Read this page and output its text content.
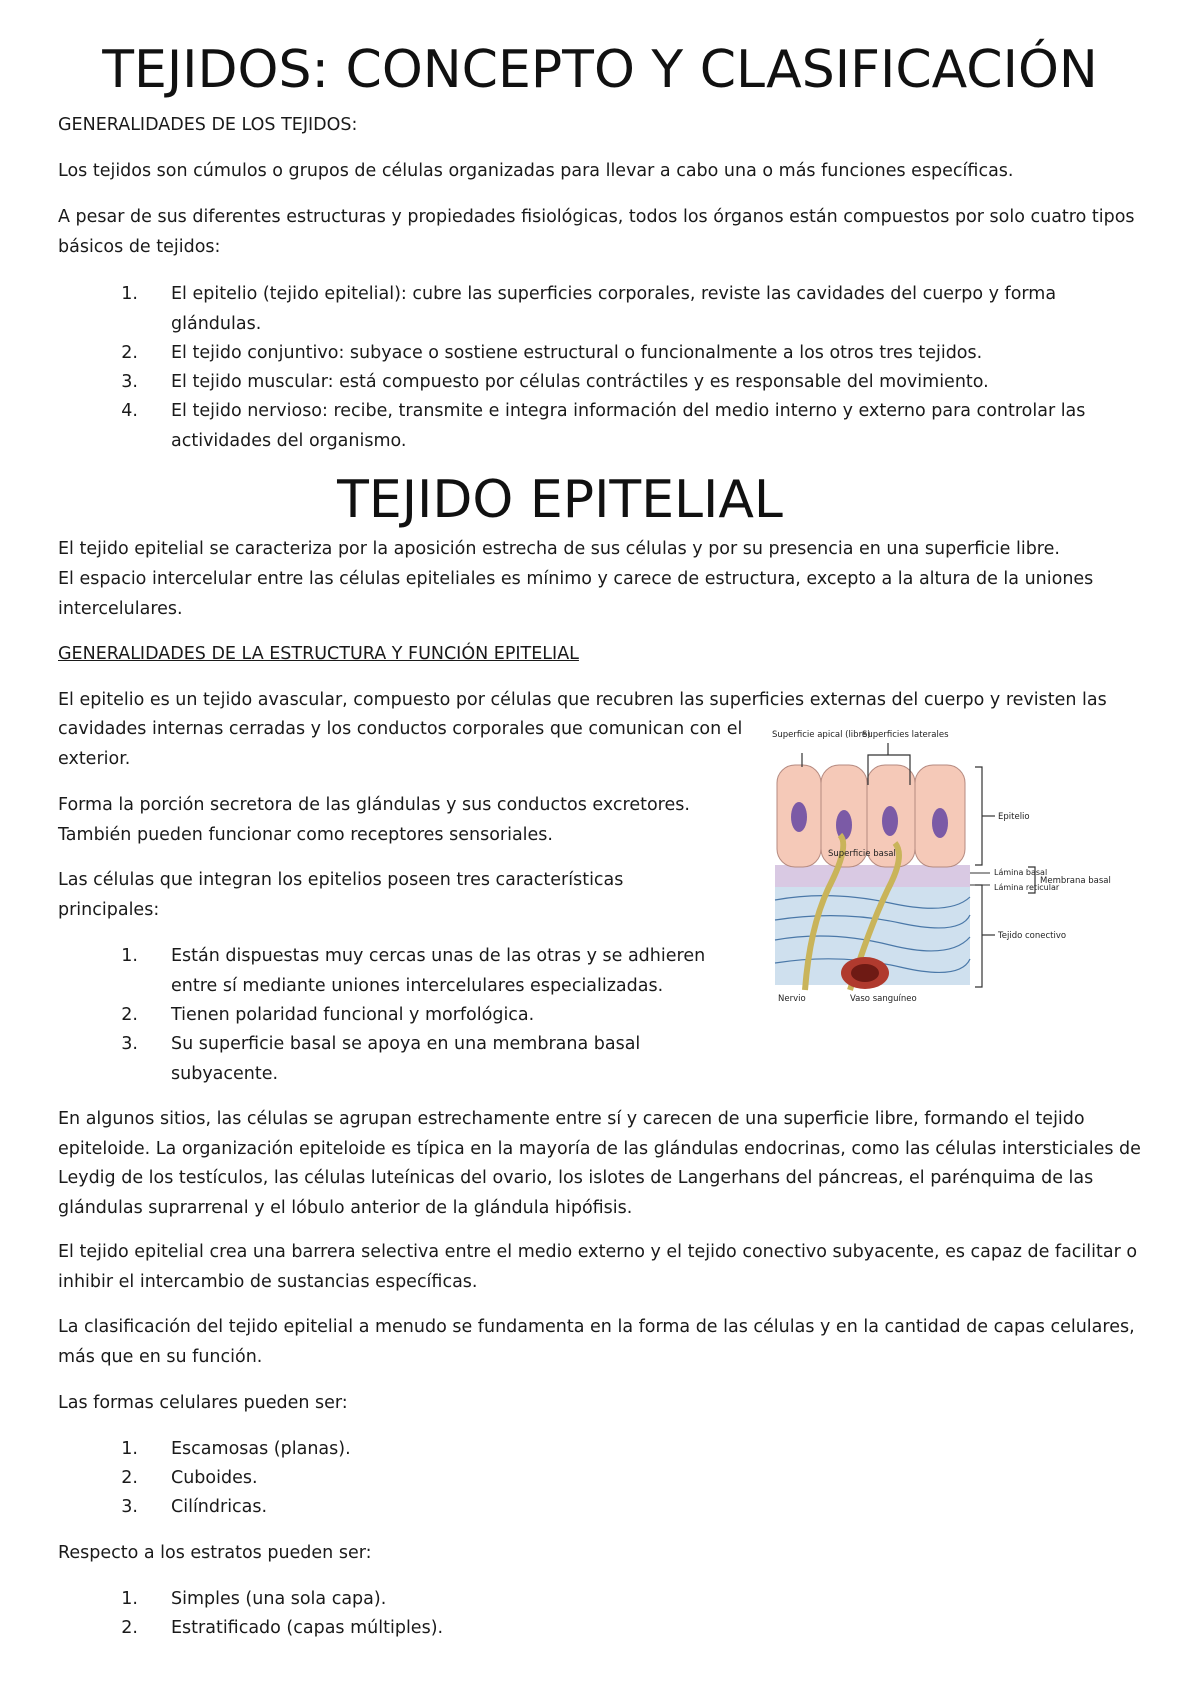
TEJIDOS: CONCEPTO Y CLASIFICACIÓN

GENERALIDADES DE LOS TEJIDOS:

Los tejidos son cúmulos o grupos de células organizadas para llevar a cabo una o más funciones específicas.

A pesar de sus diferentes estructuras y propiedades fisiológicas, todos los órganos están compuestos por solo cuatro tipos básicos de tejidos:

1. El epitelio (tejido epitelial): cubre las superficies corporales, reviste las cavidades del cuerpo y forma glándulas.
2. El tejido conjuntivo: subyace o sostiene estructural o funcionalmente a los otros tres tejidos.
3. El tejido muscular: está compuesto por células contráctiles y es responsable del movimiento.
4. El tejido nervioso: recibe, transmite e integra información del medio interno y externo para controlar las actividades del organismo.
TEJIDO EPITELIAL

El tejido epitelial se caracteriza por la aposición estrecha de sus células y por su presencia en una superficie libre.

El espacio intercelular entre las células epiteliales es mínimo y carece de estructura, excepto a la altura de la uniones intercelulares.

GENERALIDADES DE LA ESTRUCTURA Y FUNCIÓN EPITELIAL

El epitelio es un tejido avascular, compuesto por células que recubren las superficies externas del cuerpo y revisten las

cavidades internas cerradas y los conductos corporales que comunican con el exterior.

Forma la porción secretora de las glándulas y sus conductos excretores. También pueden funcionar como receptores sensoriales.

Las células que integran los epitelios poseen tres características principales:

1. Están dispuestas muy cercas unas de las otras y se adhieren entre sí mediante uniones intercelulares especializadas.
2. Tienen polaridad funcional y morfológica.
3. Su superficie basal se apoya en una membrana basal subyacente.
Superficie apical (libre)
Superficies laterales
Epitelio
Superficie basal
Lámina basal
Lámina reticular
Membrana basal
Tejido conectivo
Nervio	Vaso sanguíneo

En algunos sitios, las células se agrupan estrechamente entre sí y carecen de una superficie libre, formando el tejido epiteloide. La organización epiteloide es típica en la mayoría de las glándulas endocrinas, como las células intersticiales de Leydig de los testículos, las células luteínicas del ovario, los islotes de Langerhans del páncreas, el parénquima de las glándulas suprarrenal y el lóbulo anterior de la glándula hipófisis.

El tejido epitelial crea una barrera selectiva entre el medio externo y el tejido conectivo subyacente, es capaz de facilitar o inhibir el intercambio de sustancias específicas.

La clasificación del tejido epitelial a menudo se fundamenta en la forma de las células y en la cantidad de capas celulares, más que en su función.

Las formas celulares pueden ser:

1. Escamosas (planas).
2. Cuboides.
3. Cilíndricas.

Respecto a los estratos pueden ser:

1. Simples (una sola capa).
2. Estratificado (capas múltiples).
